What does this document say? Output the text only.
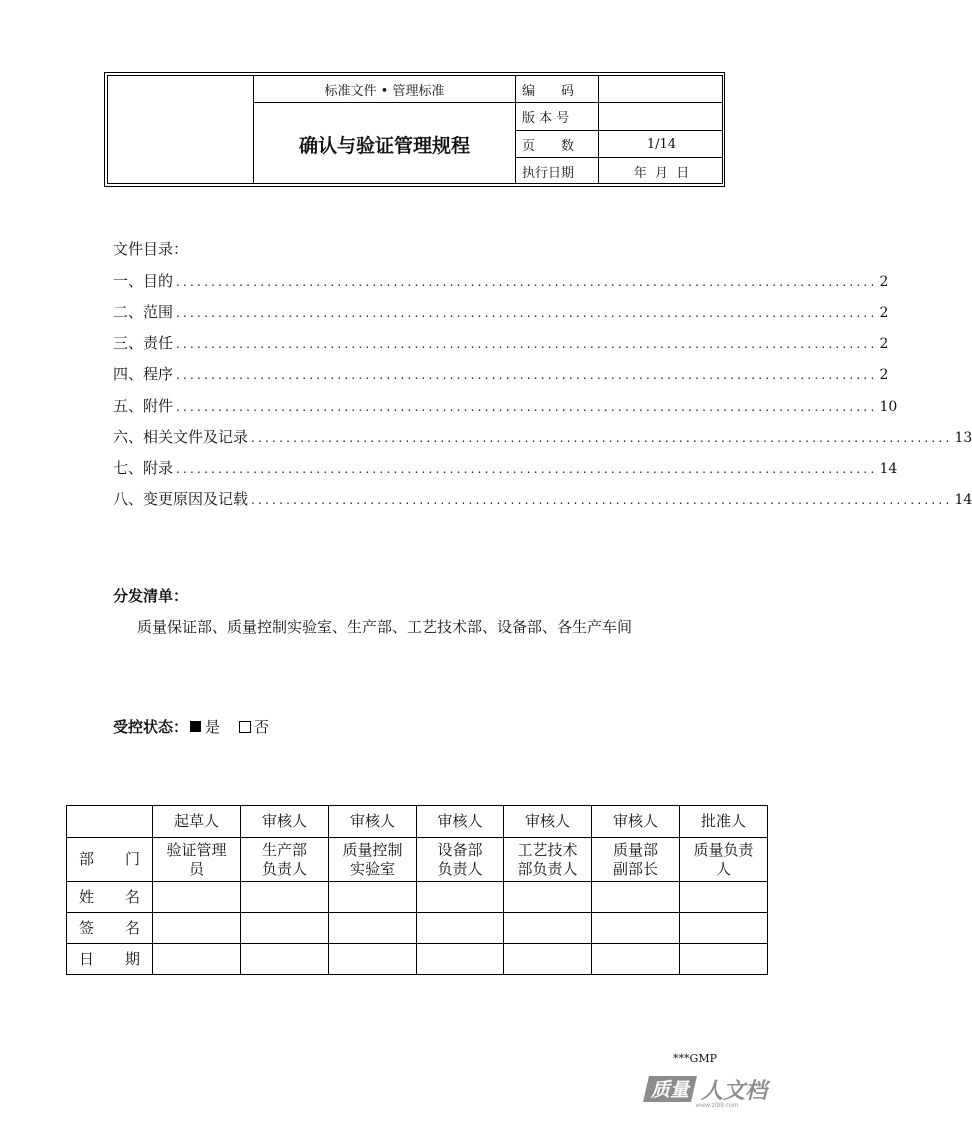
标准文件 • 管理标准
确认与验证管理规程
编　　码
版 本 号
页　　数	1/14
执行日期	年  月  日
文件目录：
一、目的 .................................................................................................... 2
二、范围 .................................................................................................... 2
三、责任 .................................................................................................... 2
四、程序 .................................................................................................... 2
五、附件 .................................................................................................... 10
六、相关文件及记录 .................................................................................................... 13
七、附录 .................................................................................................... 14
八、变更原因及记载 .................................................................................................... 14
分发清单：
质量保证部、质量控制实验室、生产部、工艺技术部、设备部、各生产车间
受控状态： 是 否
	起草人	审核人	审核人	审核人	审核人	审核人	批准人
部　门	验证管理员	生产部负责人	质量控制实验室	设备部负责人	工艺技术部负责人	质量部副部长	质量负责人
姓　名							
签　名							
日　期							
***GMP
质量 人文档
www.zl99.com
